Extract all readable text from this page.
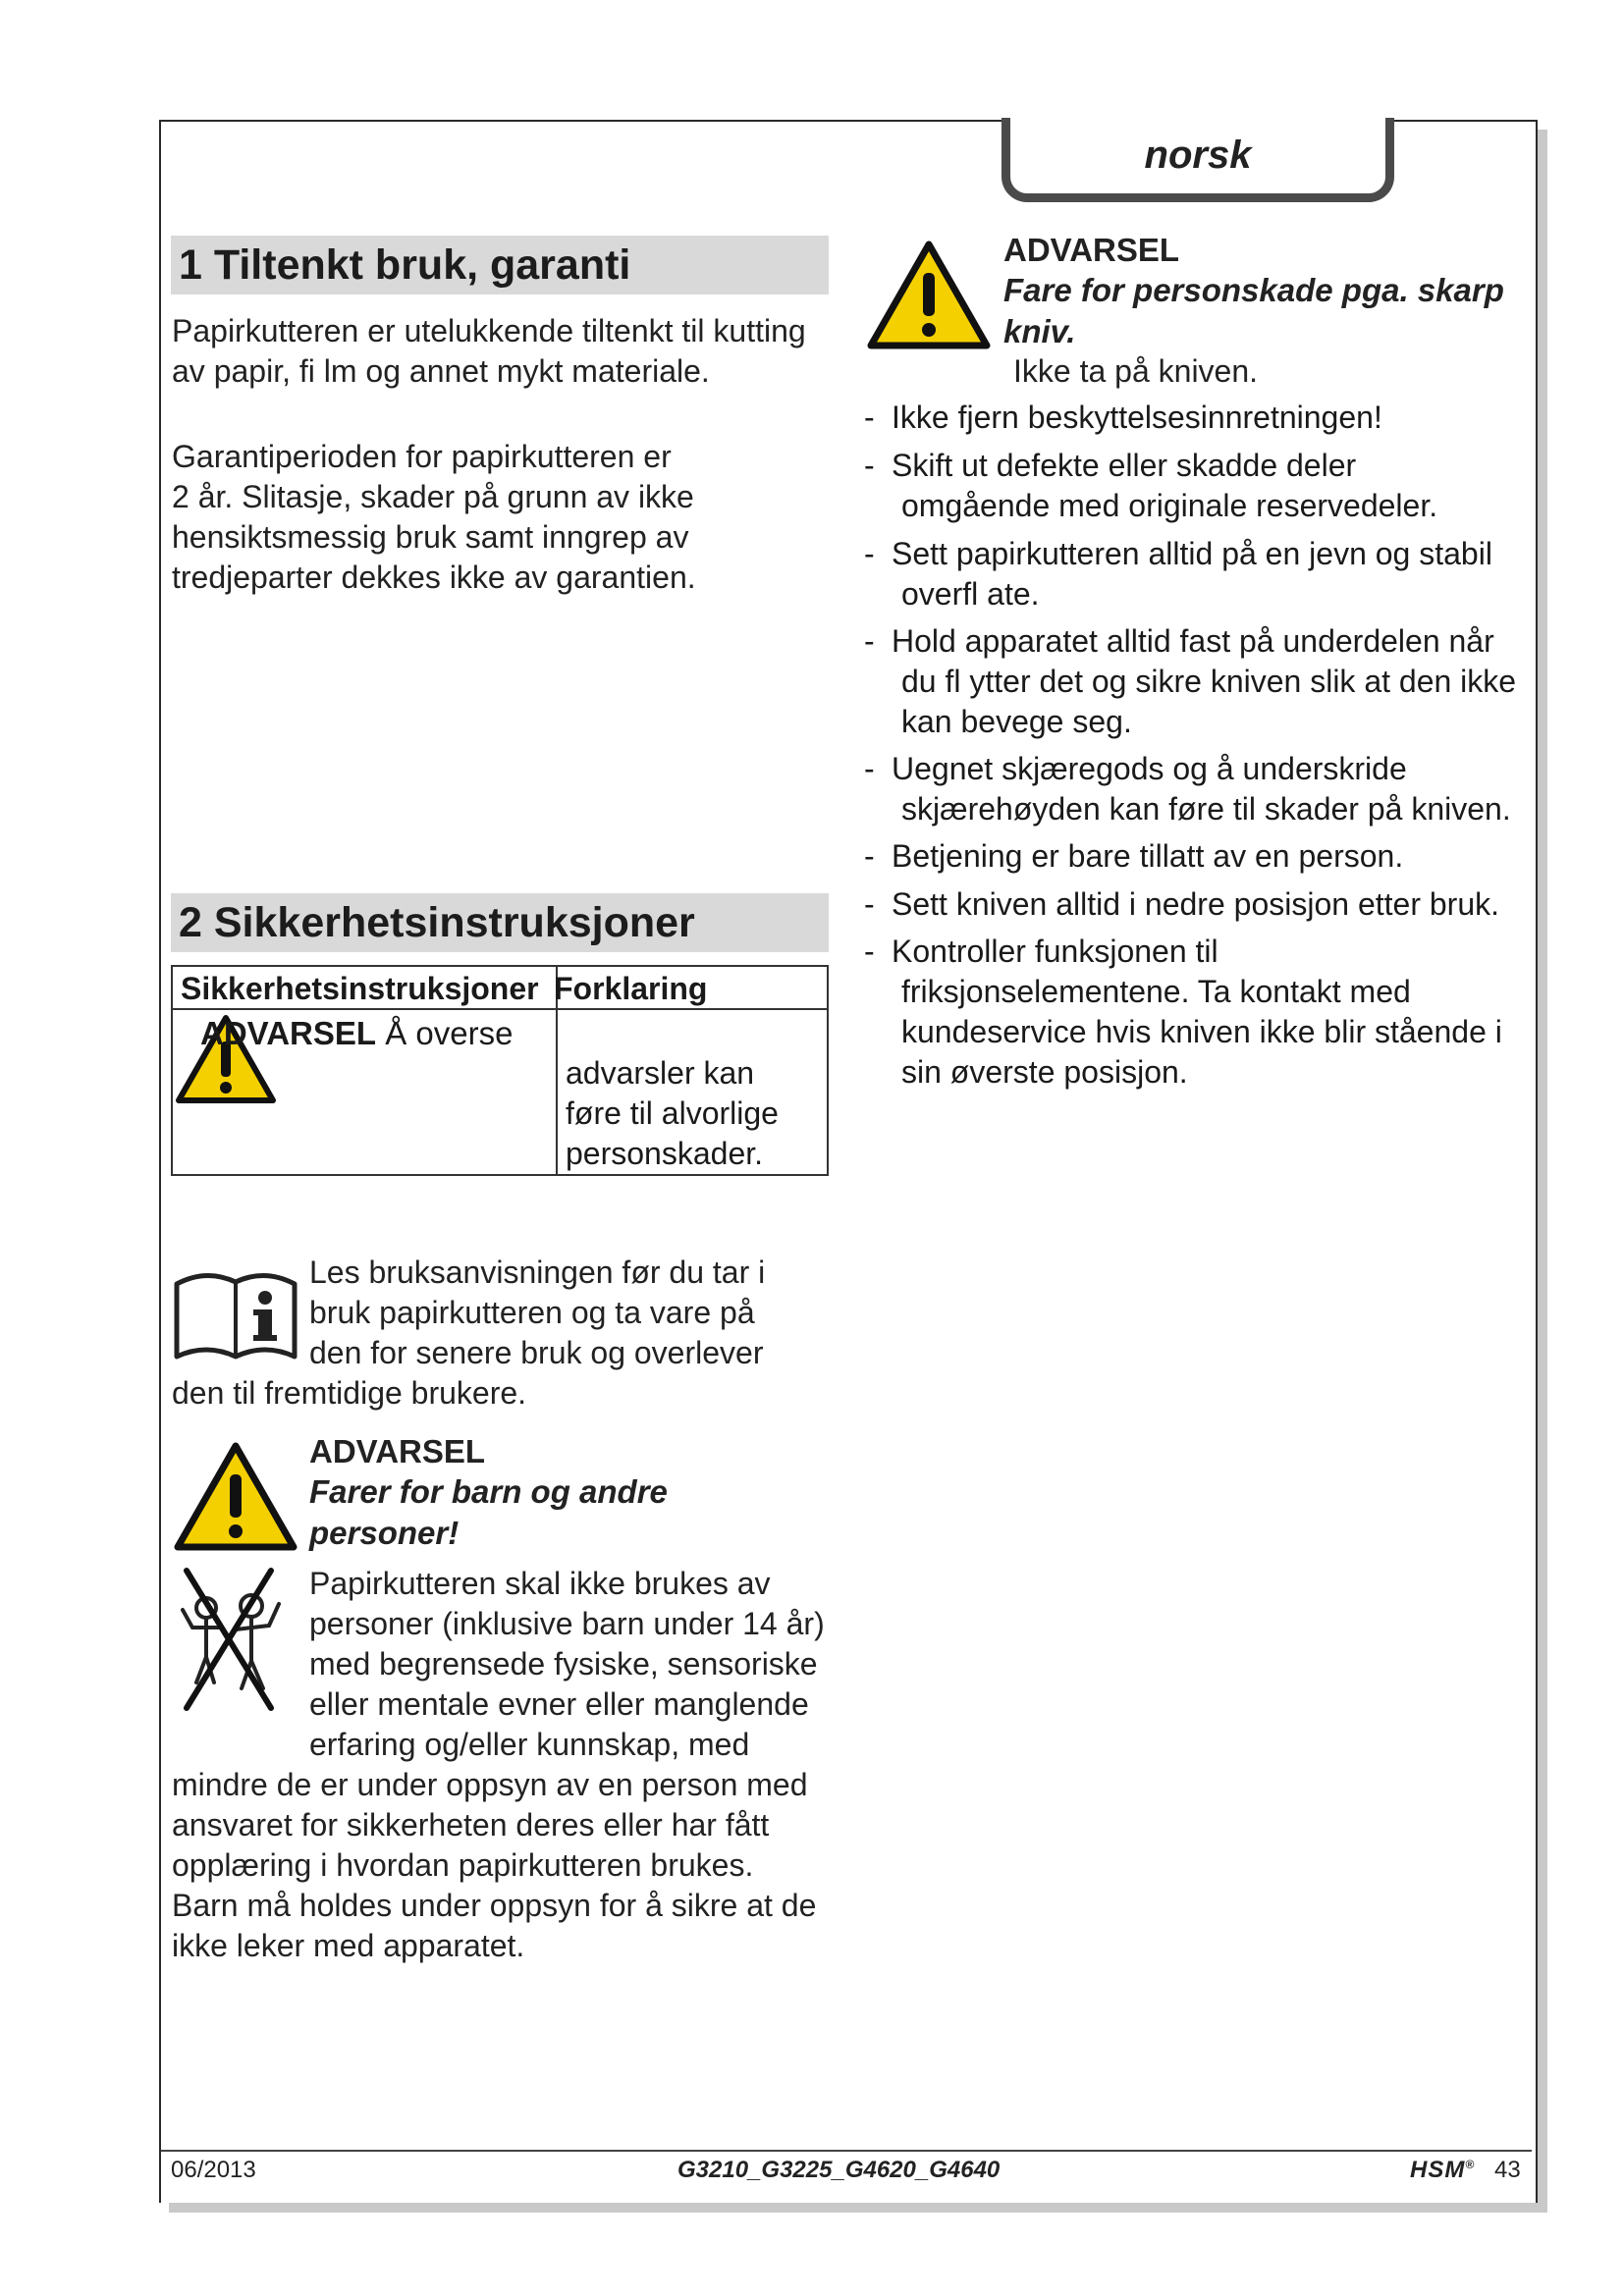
norsk
1 Tiltenkt bruk, garanti
Papirkutteren er utelukkende tiltenkt til kutting
av papir, fi lm og annet mykt materiale.
Garantiperioden for papirkutteren er
2 år. Slitasje, skader på grunn av ikke
hensiktsmessig bruk samt inngrep av
tredjeparter dekkes ikke av garantien.
2 Sikkerhetsinstruksjoner
Sikkerhetsinstruksjoner Forklaring
ADVARSEL Å overse
advarsler kan
føre til alvorlige
personskader.
Les bruksanvisningen før du tar i
bruk papirkutteren og ta vare på
den for senere bruk og overlever
den til fremtidige brukere.
ADVARSEL
Farer for barn og andre
personer!
Papirkutteren skal ikke brukes av
personer (inklusive barn under 14 år)
med begrensede fysiske, sensoriske
eller mentale evner eller manglende
erfaring og/eller kunnskap, med
mindre de er under oppsyn av en person med
ansvaret for sikkerheten deres eller har fått
opplæring i hvordan papirkutteren brukes.
Barn må holdes under oppsyn for å sikre at de
ikke leker med apparatet.
ADVARSEL
Fare for personskade pga. skarp
kniv.
Ikke ta på kniven.
- Ikke fjern beskyttelsesinnretningen!
- Skift ut defekte eller skadde deler
omgående med originale reservedeler.
- Sett papirkutteren alltid på en jevn og stabil
overfl ate.
- Hold apparatet alltid fast på underdelen når
du fl ytter det og sikre kniven slik at den ikke
kan bevege seg.
- Uegnet skjæregods og å underskride
skjærehøyden kan føre til skader på kniven.
- Betjening er bare tillatt av en person.
- Sett kniven alltid i nedre posisjon etter bruk.
- Kontroller funksjonen til
friksjonselementene. Ta kontakt med
kundeservice hvis kniven ikke blir stående i
sin øverste posisjon.
06/2013	G3210_G3225_G4620_G4640	HSM® 43
